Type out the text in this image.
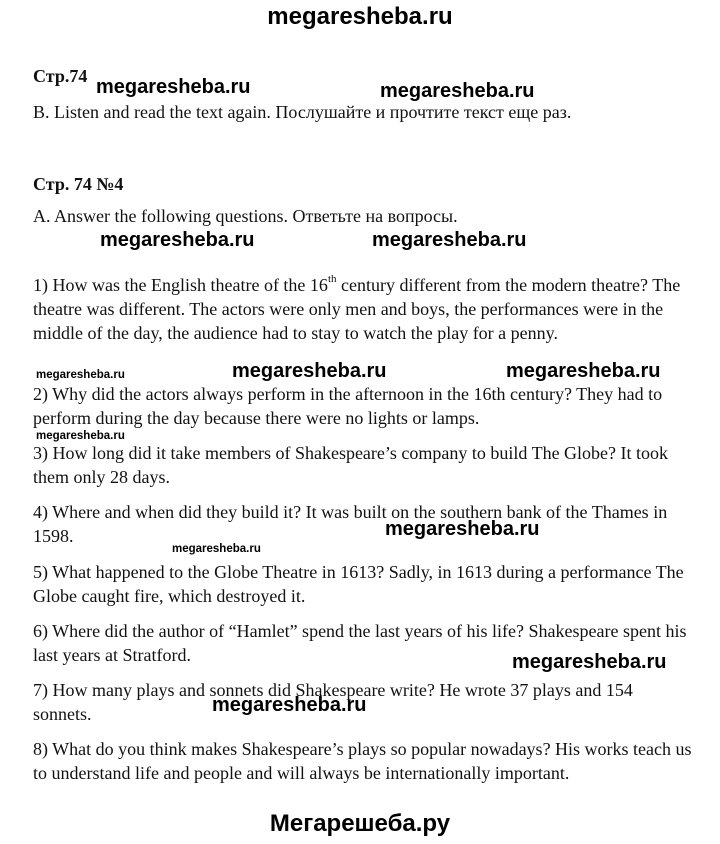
megaresheba.ru
Стр.74 megaresheba.ru	megaresheba.ru
B. Listen and read the text again. Послушайте и прочтите текст еще раз.
Стр. 74 №4
A. Answer the following questions. Ответьте на вопросы.
megaresheba.ru	megaresheba.ru
1) How was the English theatre of the 16th century different from the modern theatre? The theatre was different. The actors were only men and boys, the performances were in the middle of the day, the audience had to stay to watch the play for a penny.
megaresheba.ru	megaresheba.ru	megaresheba.ru
2) Why did the actors always perform in the afternoon in the 16th century? They had to perform during the day because there were no lights or lamps.
megaresheba.ru
3) How long did it take members of Shakespeare’s company to build The Globe? It took them only 28 days.
4) Where and when did they build it? It was built on the southern bank of the Thames in 1598.	megaresheba.ru
megaresheba.ru
5) What happened to the Globe Theatre in 1613? Sadly, in 1613 during a performance The Globe caught fire, which destroyed it.
6) Where did the author of “Hamlet” spend the last years of his life? Shakespeare spent his last years at Stratford.	megaresheba.ru
7) How many plays and sonnets did Shakespeare write? He wrote 37 plays and 154 sonnets.	megaresheba.ru
8) What do you think makes Shakespeare’s plays so popular nowadays? His works teach us to understand life and people and will always be internationally important.
Мегарешеба.ру
